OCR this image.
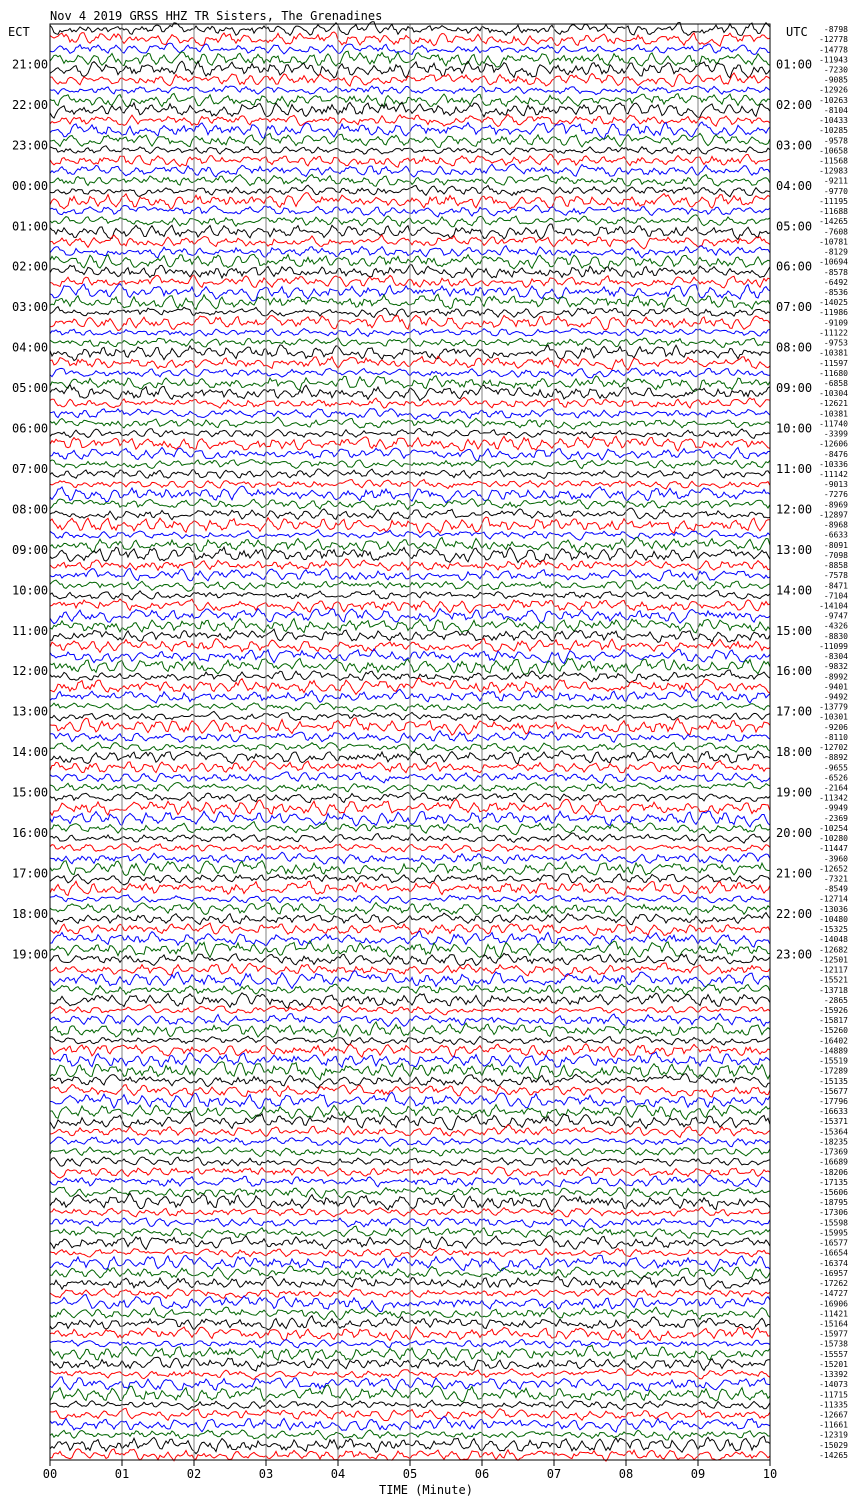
-8798
-12778
-14778
-11943
-7230
-9085
-12926
-10263
-8104
-10433
-10285
-9578
-10658
-11568
-12983
-9211
-9770
-11195
-11688
-14265
-7608
-10781
-8129
-10694
-8578
-6492
-8536
-14025
-11986
-9109
-11122
-9753
-10381
-11597
-11680
-6858
-10304
-12621
-10381
-11740
-3399
-12606
-8476
-10336
-11142
-9013
-7276
-8969
-12897
-8968
-6633
-8091
-7098
-8858
-7578
-8471
-7104
-14104
-9747
-4326
-8830
-11099
-8304
-9832
-8992
-9401
-9492
-13779
-10301
-9206
-8110
-12702
-8892
-9655
-6526
-2164
-11342
-9949
-2369
-10254
-10280
-11447
-3960
-12652
-7321
-8549
-12714
-13036
-10480
-15325
-14048
-12682
-12501
-12117
-15521
-13718
-2865
-15926
-15817
-15260
-16402
-14889
-15519
-17289
-15135
-15677
-17796
-16633
-15371
-15364
-18235
-17369
-16689
-18206
-17135
-15606
-18795
-17306
-15598
-15995
-16577
-16654
-16374
-16957
-17262
-14727
-16906
-11421
-15164
-15977
-15738
-15557
-15201
-13392
-14073
-11715
-11335
-12667
-11661
-12319
-15029
-14265
00	01	02	03	04	05	06	07	08	09	10
21:00	01:00
22:00	02:00
23:00	03:00
00:00	04:00
01:00	05:00
02:00	06:00
03:00	07:00
04:00	08:00
05:00	09:00
06:00	10:00
07:00	11:00
08:00	12:00
09:00	13:00
10:00	14:00
11:00	15:00
12:00	16:00
13:00	17:00
14:00	18:00
15:00	19:00
16:00	20:00
17:00	21:00
18:00	22:00
19:00	23:00
Nov 4 2019 GRSS HHZ TR Sisters, The Grenadines
ECT	UTC
TIME (Minute)
